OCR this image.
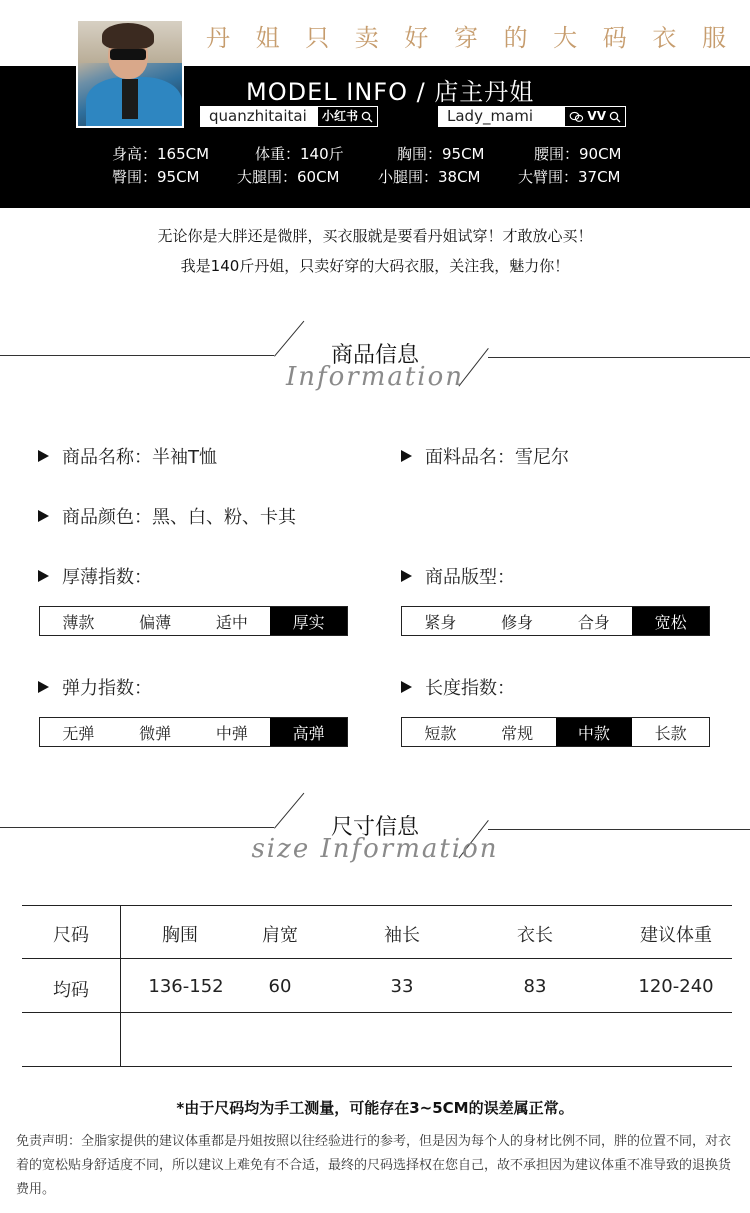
丹 姐 只 卖 好 穿 的 大 码 衣 服
MODEL INFO / 店主丹姐
quanzhitaitai	小红书	Lady_mami	VV
身高：165CM	体重：140斤	胸围：95CM	腰围：90CM
臀围：95CM 大腿围：60CM	小腿围：38CM 大臂围：37CM
无论你是大胖还是微胖，买衣服就是要看丹姐试穿！才敢放心买！
我是140斤丹姐，只卖好穿的大码衣服，关注我，魅力你！
商品信息
Information
商品名称：半袖T恤	面料品名：雪尼尔
商品颜色：黑、白、粉、卡其
厚薄指数：	商品版型：
薄款	偏薄	适中	厚实	紧身	修身	合身	宽松
弹力指数：	长度指数：
无弹	微弹	中弹	高弹	短款	常规	中款	长款
尺寸信息
size Information
尺码	胸围	肩宽	袖长	衣长	建议体重
均码	136-152	60	33	83	120-240
*由于尺码均为手工测量，可能存在3~5CM的误差属正常。
免责声明：全脂家提供的建议体重都是丹姐按照以往经验进行的参考，但是因为每个人的身材比例不同，胖的位置不同，对衣着的宽松贴身舒适度不同，所以建议上难免有不合适，最终的尺码选择权在您自己，故不承担因为建议体重不准导致的退换货费用。
